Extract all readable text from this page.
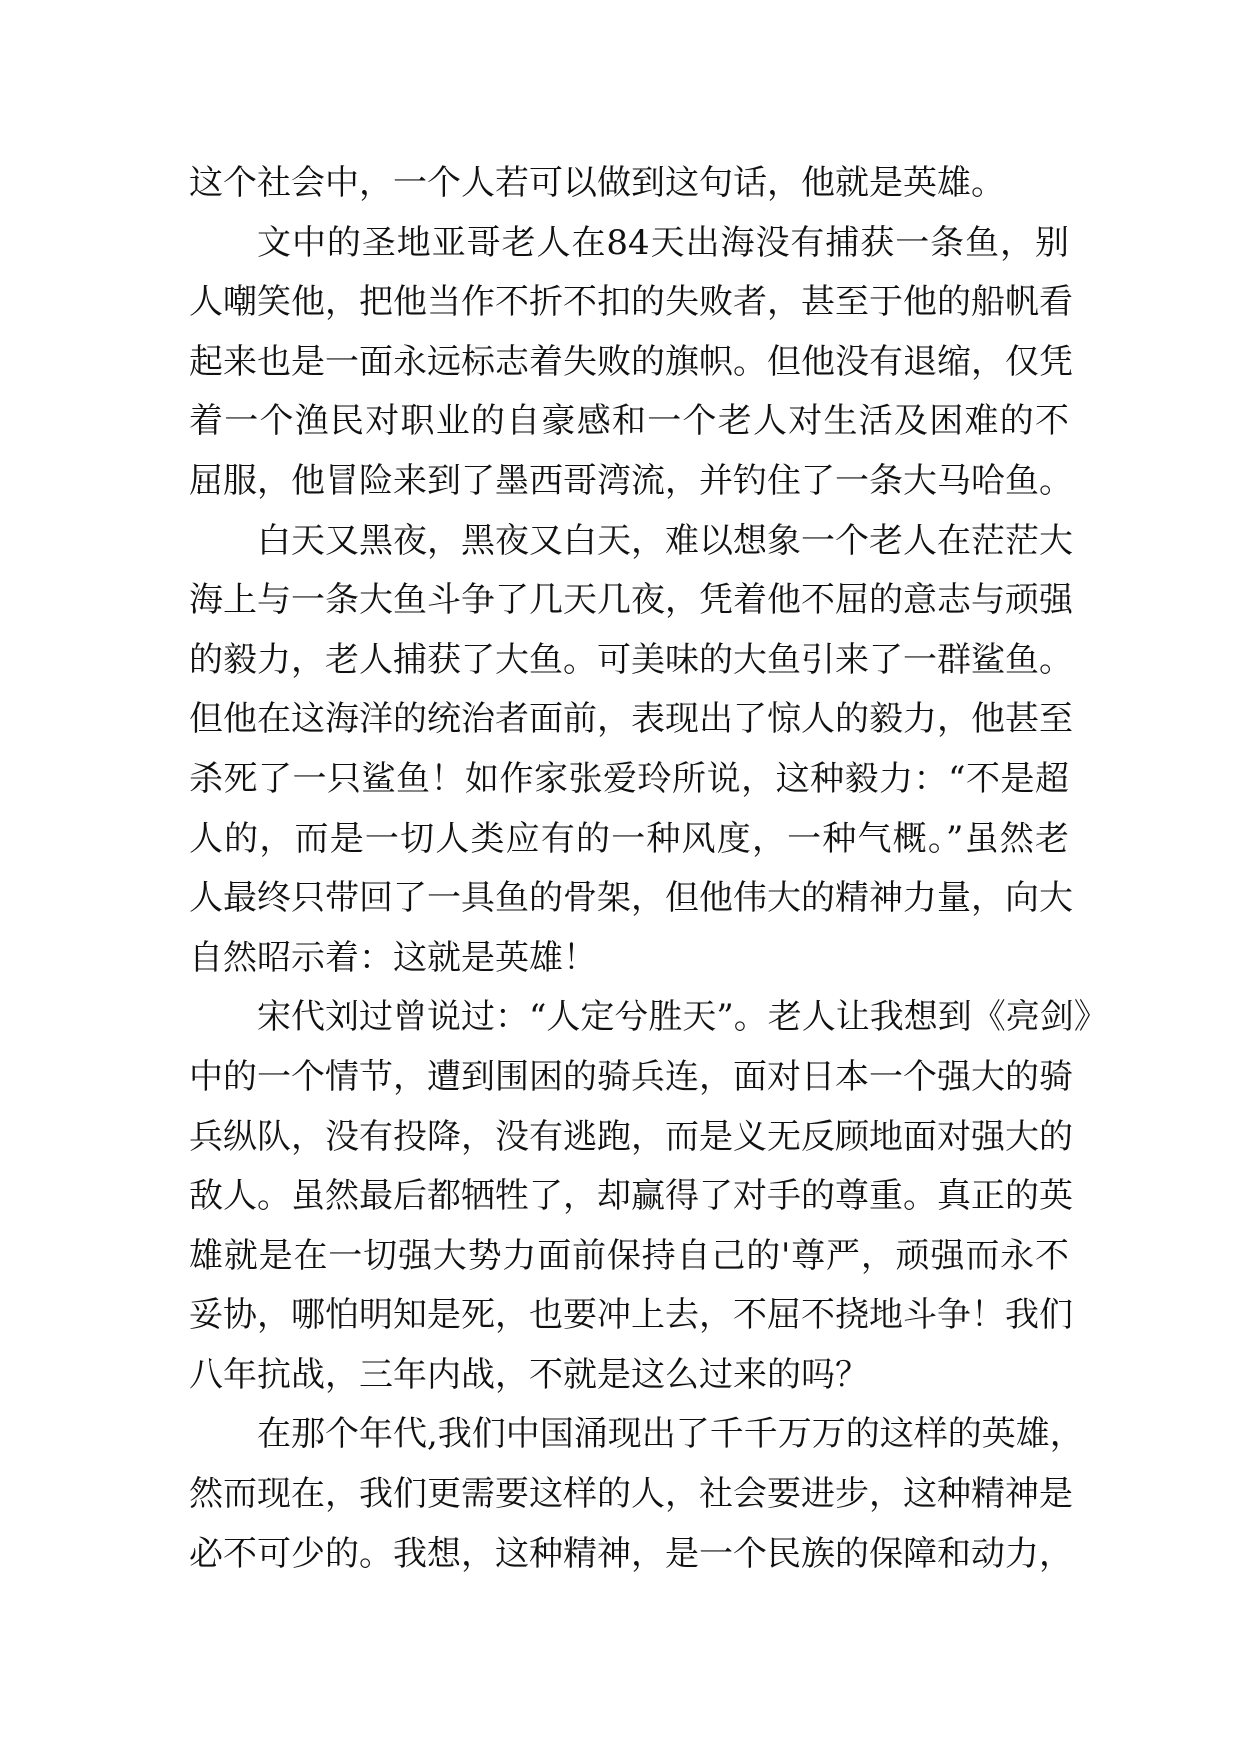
这个社会中，一个人若可以做到这句话，他就是英雄。
文中的圣地亚哥老人在84天出海没有捕获一条鱼，别
人嘲笑他，把他当作不折不扣的失败者，甚至于他的船帆看
起来也是一面永远标志着失败的旗帜。但他没有退缩，仅凭
着一个渔民对职业的自豪感和一个老人对生活及困难的不
屈服，他冒险来到了墨西哥湾流，并钓住了一条大马哈鱼。
白天又黑夜，黑夜又白天，难以想象一个老人在茫茫大
海上与一条大鱼斗争了几天几夜，凭着他不屈的意志与顽强
的毅力，老人捕获了大鱼。可美味的大鱼引来了一群鲨鱼。
但他在这海洋的统治者面前，表现出了惊人的毅力，他甚至
杀死了一只鲨鱼！如作家张爱玲所说，这种毅力：“不是超
人的，而是一切人类应有的一种风度，一种气概。”虽然老
人最终只带回了一具鱼的骨架，但他伟大的精神力量，向大
自然昭示着：这就是英雄！
宋代刘过曾说过：“人定兮胜天”。老人让我想到《亮剑》
中的一个情节，遭到围困的骑兵连，面对日本一个强大的骑
兵纵队，没有投降，没有逃跑，而是义无反顾地面对强大的
敌人。虽然最后都牺牲了，却赢得了对手的尊重。真正的英
雄就是在一切强大势力面前保持自己的'尊严，顽强而永不
妥协，哪怕明知是死，也要冲上去，不屈不挠地斗争！我们
八年抗战，三年内战，不就是这么过来的吗？
在那个年代,我们中国涌现出了千千万万的这样的英雄，
然而现在，我们更需要这样的人，社会要进步，这种精神是
必不可少的。我想，这种精神，是一个民族的保障和动力，
